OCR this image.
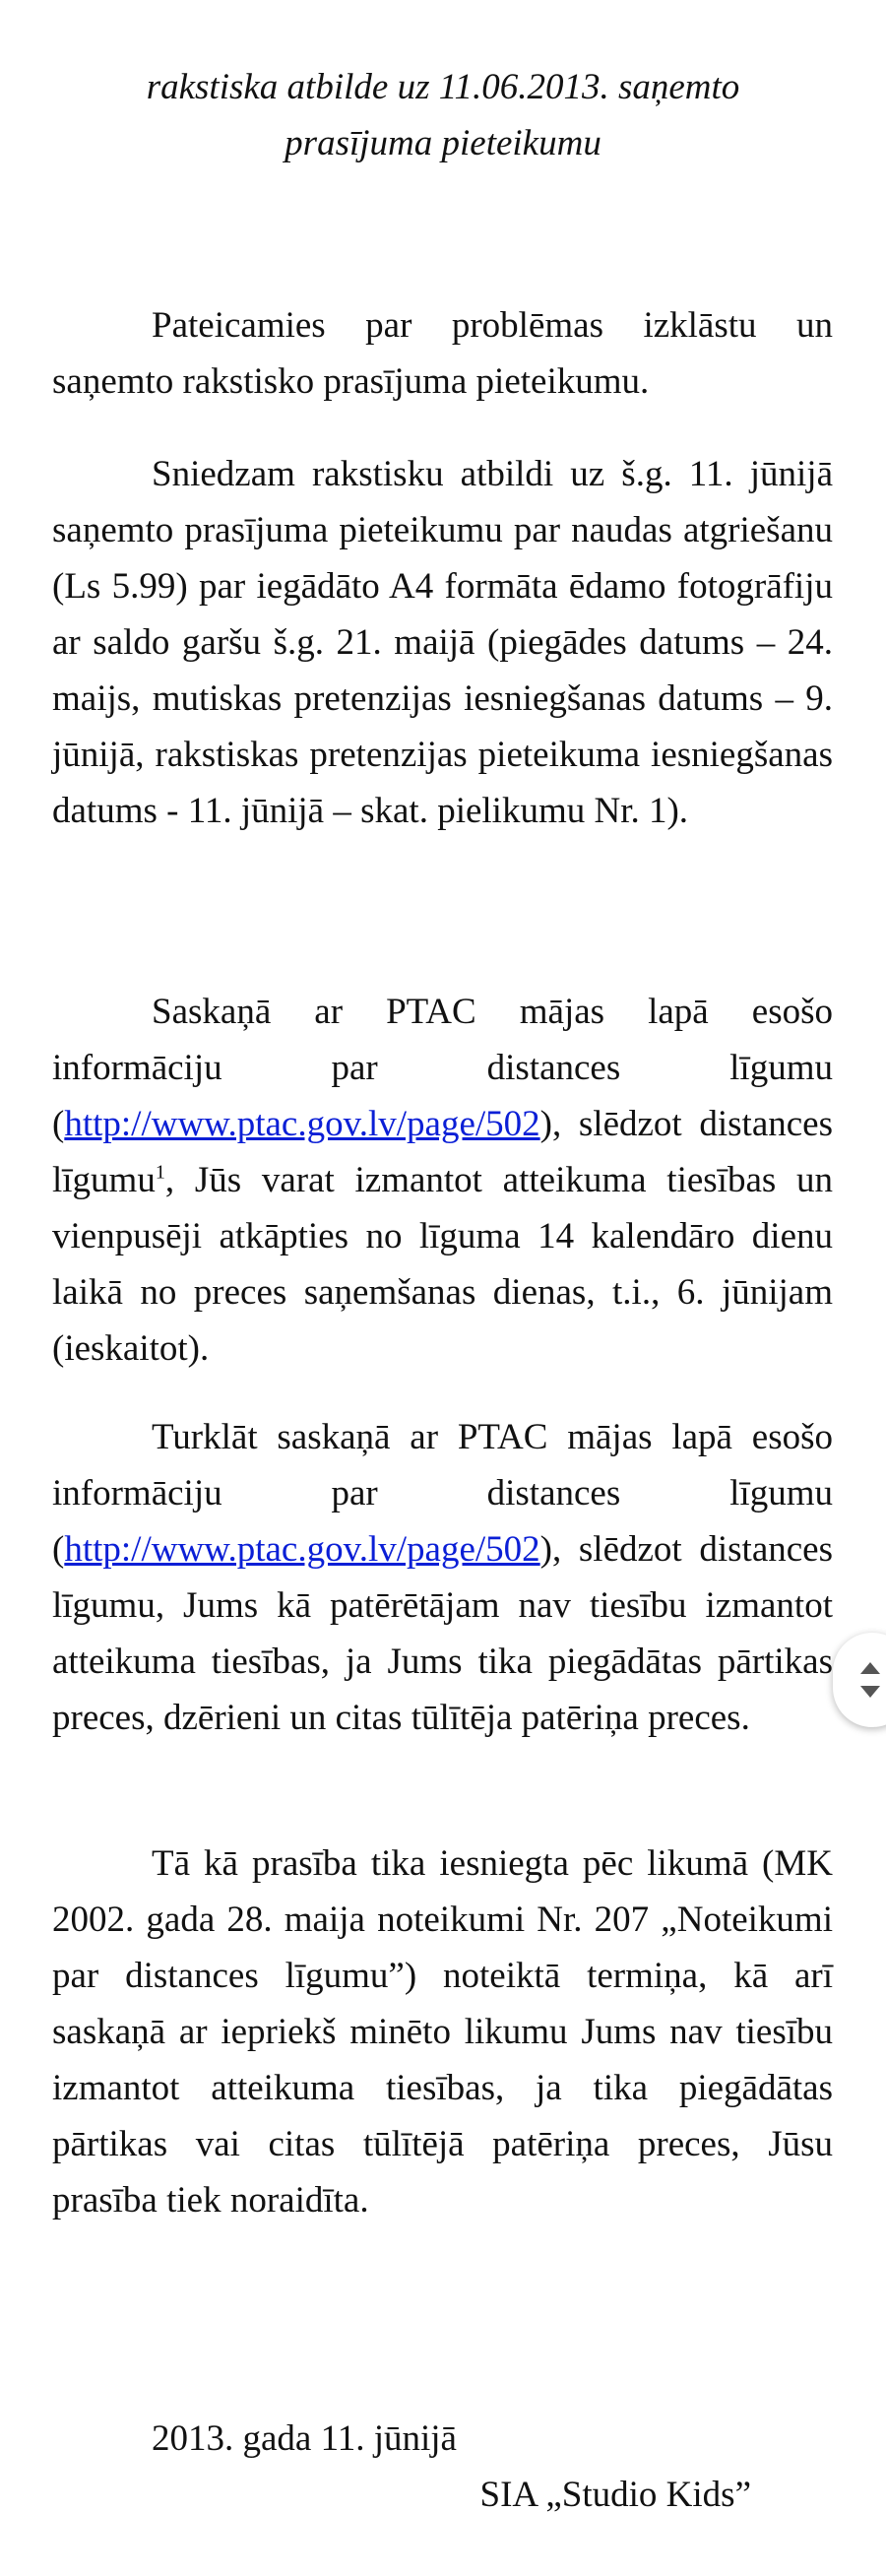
rakstiska atbilde uz 11.06.2013. saņemto
prasījuma pieteikumu

Pateicamies par problēmas izklāstu un saņemto rakstisko prasījuma pieteikumu.

Sniedzam rakstisku atbildi uz š.g. 11. jūnijā saņemto prasījuma pieteikumu par naudas atgriešanu (Ls 5.99) par iegādāto A4 formāta ēdamo fotogrāfiju ar saldo garšu š.g. 21. maijā (piegādes datums – 24. maijs, mutiskas pretenzijas iesniegšanas datums – 9. jūnijā, rakstiskas pretenzijas pieteikuma iesniegšanas datums - 11. jūnijā – skat. pielikumu Nr. 1).

Saskaņā ar PTAC mājas lapā esošo informāciju par distances līgumu (http://www.ptac.gov.lv/page/502), slēdzot distances līgumu$^1$, Jūs varat izmantot atteikuma tiesības un vienpusēji atkāpties no līguma 14 kalendāro dienu laikā no preces saņemšanas dienas, t.i., 6. jūnijam (ieskaitot).

Turklāt saskaņā ar PTAC mājas lapā esošo informāciju par distances līgumu (http://www.ptac.gov.lv/page/502), slēdzot distances līgumu, Jums kā patērētājam nav tiesību izmantot atteikuma tiesības, ja Jums tika piegādātas pārtikas preces, dzērieni un citas tūlītēja patēriņa preces.

Tā kā prasība tika iesniegta pēc likumā (MK 2002. gada 28. maija noteikumi Nr. 207 „Noteikumi par distances līgumu”) noteiktā termiņa, kā arī saskaņā ar iepriekš minēto likumu Jums nav tiesību izmantot atteikuma tiesības, ja tika piegādātas pārtikas vai citas tūlītējā patēriņa preces, Jūsu prasība tiek noraidīta.

2013. gada 11. jūnijā

SIA „Studio Kids”
